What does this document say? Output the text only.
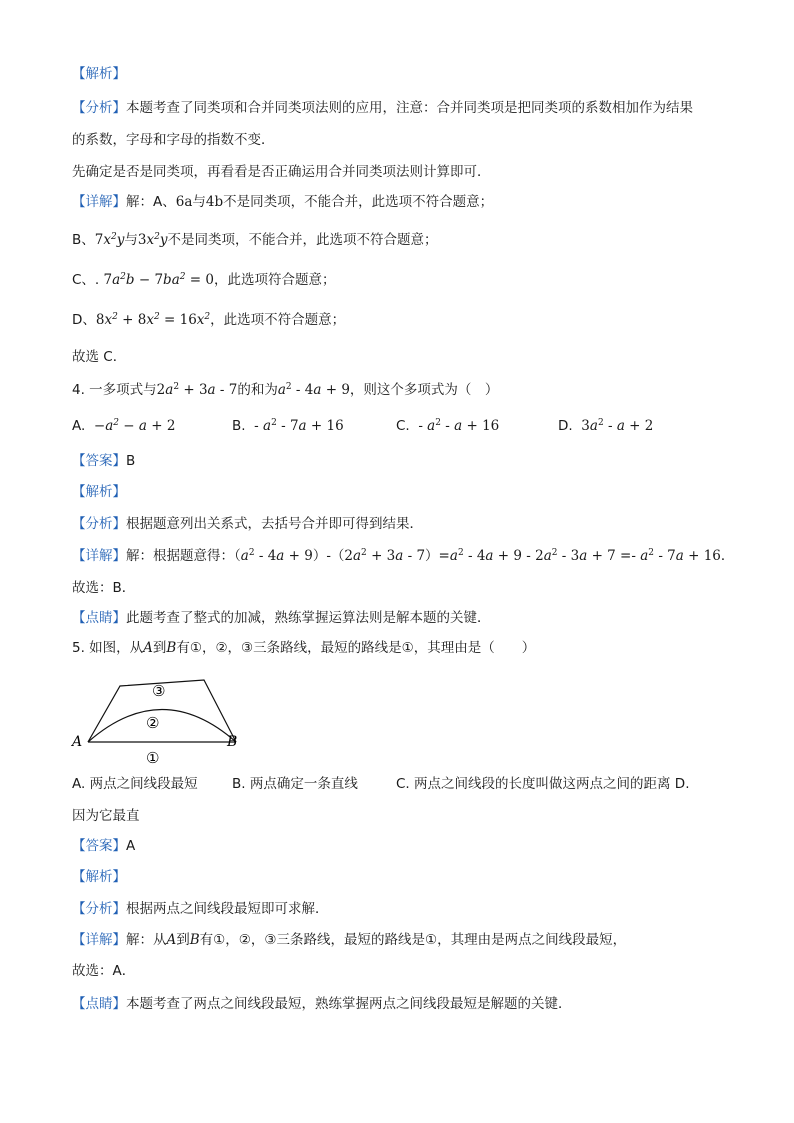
【解析】
【分析】本题考查了同类项和合并同类项法则的应用，注意：合并同类项是把同类项的系数相加作为结果
的系数，字母和字母的指数不变．
先确定是否是同类项，再看看是否正确运用合并同类项法则计算即可．
【详解】解：A、6a与4b不是同类项，不能合并，此选项不符合题意；
B、$7x^2y$与$3x^2y$不是同类项，不能合并，此选项不符合题意；
C、. $7a^2b - 7ba^2 = 0$，此选项符合题意；
D、$8x^2 + 8x^2 = 16x^2$，此选项不符合题意；
故选 C．
4. 一多项式与$2a^2 + 3a - 7$的和为$a^2 - 4a + 9$，则这个多项式为（　）
A. $-a^2 - a + 2$	B. - $a^2 - 7a + 16$	C. - $a^2 - a + 16$	D. $3a^2 - a + 2$
【答案】B
【解析】
【分析】根据题意列出关系式，去括号合并即可得到结果．
【详解】解：根据题意得：$(a^2 - 4a + 9)-(2a^2 + 3a - 7)=a^2 - 4a + 9 - 2a^2 - 3a + 7 =- a^2 - 7a + 16$．
故选：B．
【点睛】此题考查了整式的加减，熟练掌握运算法则是解本题的关键．
5. 如图，从A到B有①，②，③三条路线，最短的路线是①，其理由是（　　）
③
②
①
A	B
A. 两点之间线段最短	B. 两点确定一条直线	C. 两点之间线段的长度叫做这两点之间的距离 D.
因为它最直
【答案】A
【解析】
【分析】根据两点之间线段最短即可求解．
【详解】解：从A到B有①，②，③三条路线，最短的路线是①，其理由是两点之间线段最短，
故选：A．
【点睛】本题考查了两点之间线段最短，熟练掌握两点之间线段最短是解题的关键．
